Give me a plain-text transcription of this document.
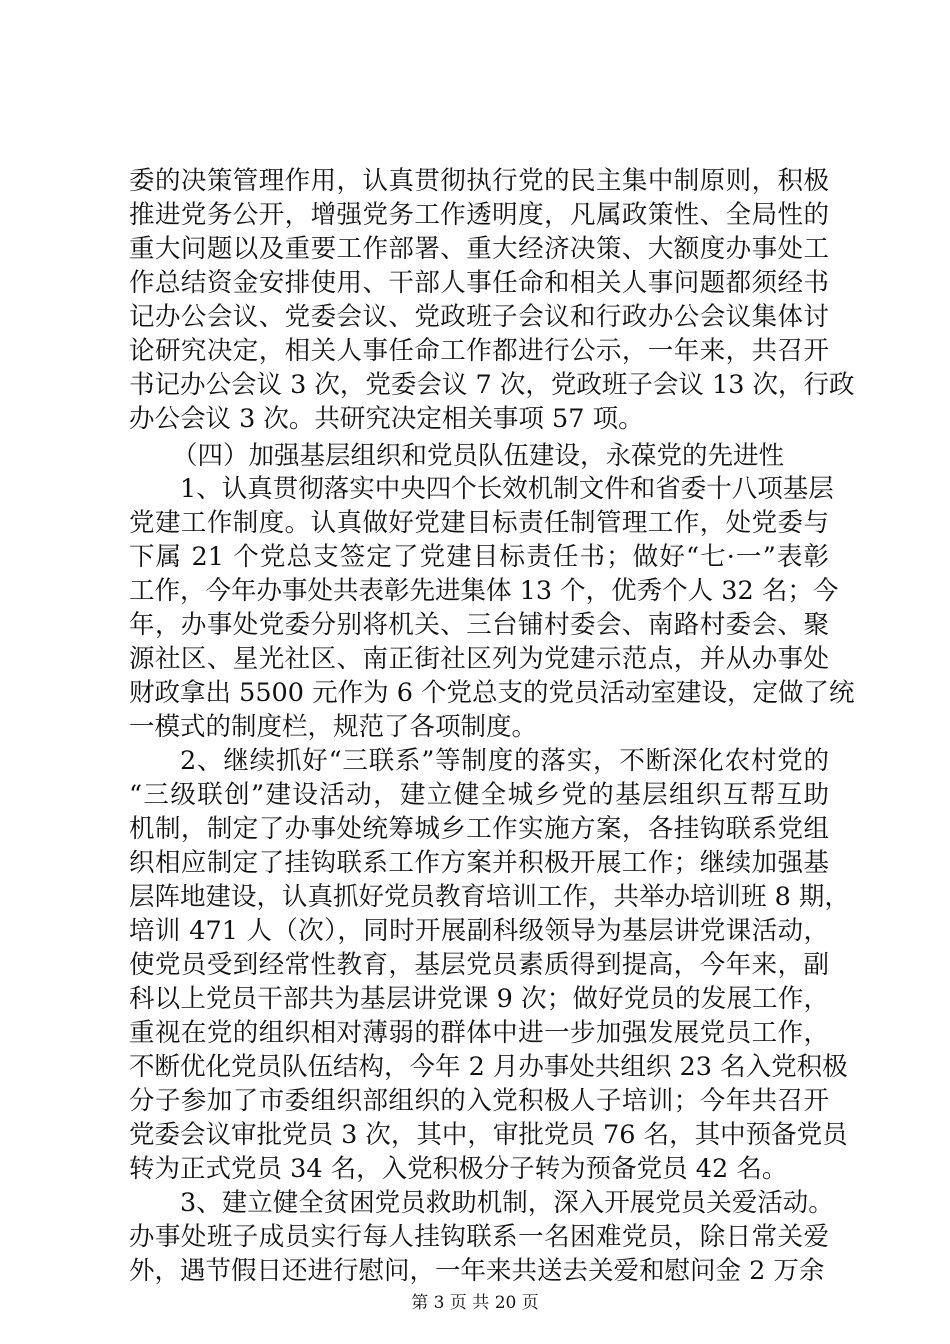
委的决策管理作用，认真贯彻执行党的民主集中制原则，积极
推进党务公开，增强党务工作透明度，凡属政策性、全局性的
重大问题以及重要工作部署、重大经济决策、大额度办事处工
作总结资金安排使用、干部人事任命和相关人事问题都须经书
记办公会议、党委会议、党政班子会议和行政办公会议集体讨
论研究决定，相关人事任命工作都进行公示，一年来，共召开
书记办公会议 3 次，党委会议 7 次，党政班子会议 13 次，行政
办公会议 3 次。共研究决定相关事项 57 项。
（四）加强基层组织和党员队伍建设，永葆党的先进性
1、认真贯彻落实中央四个长效机制文件和省委十八项基层
党建工作制度。认真做好党建目标责任制管理工作，处党委与
下属 21 个党总支签定了党建目标责任书；做好“七·一”表彰
工作，今年办事处共表彰先进集体 13 个，优秀个人 32 名；今
年，办事处党委分别将机关、三台铺村委会、南路村委会、聚
源社区、星光社区、南正街社区列为党建示范点，并从办事处
财政拿出 5500 元作为 6 个党总支的党员活动室建设，定做了统
一模式的制度栏，规范了各项制度。
2、继续抓好“三联系”等制度的落实，不断深化农村党的
“三级联创”建设活动，建立健全城乡党的基层组织互帮互助
机制，制定了办事处统筹城乡工作实施方案，各挂钩联系党组
织相应制定了挂钩联系工作方案并积极开展工作；继续加强基
层阵地建设，认真抓好党员教育培训工作，共举办培训班 8 期，
培训 471 人（次），同时开展副科级领导为基层讲党课活动，
使党员受到经常性教育，基层党员素质得到提高，今年来，副
科以上党员干部共为基层讲党课 9 次；做好党员的发展工作，
重视在党的组织相对薄弱的群体中进一步加强发展党员工作，
不断优化党员队伍结构，今年 2 月办事处共组织 23 名入党积极
分子参加了市委组织部组织的入党积极人子培训；今年共召开
党委会议审批党员 3 次，其中，审批党员 76 名，其中预备党员
转为正式党员 34 名，入党积极分子转为预备党员 42 名。
3、建立健全贫困党员救助机制，深入开展党员关爱活动。
办事处班子成员实行每人挂钩联系一名困难党员，除日常关爱
外，遇节假日还进行慰问，一年来共送去关爱和慰问金 2 万余
第 3 页 共 20 页
